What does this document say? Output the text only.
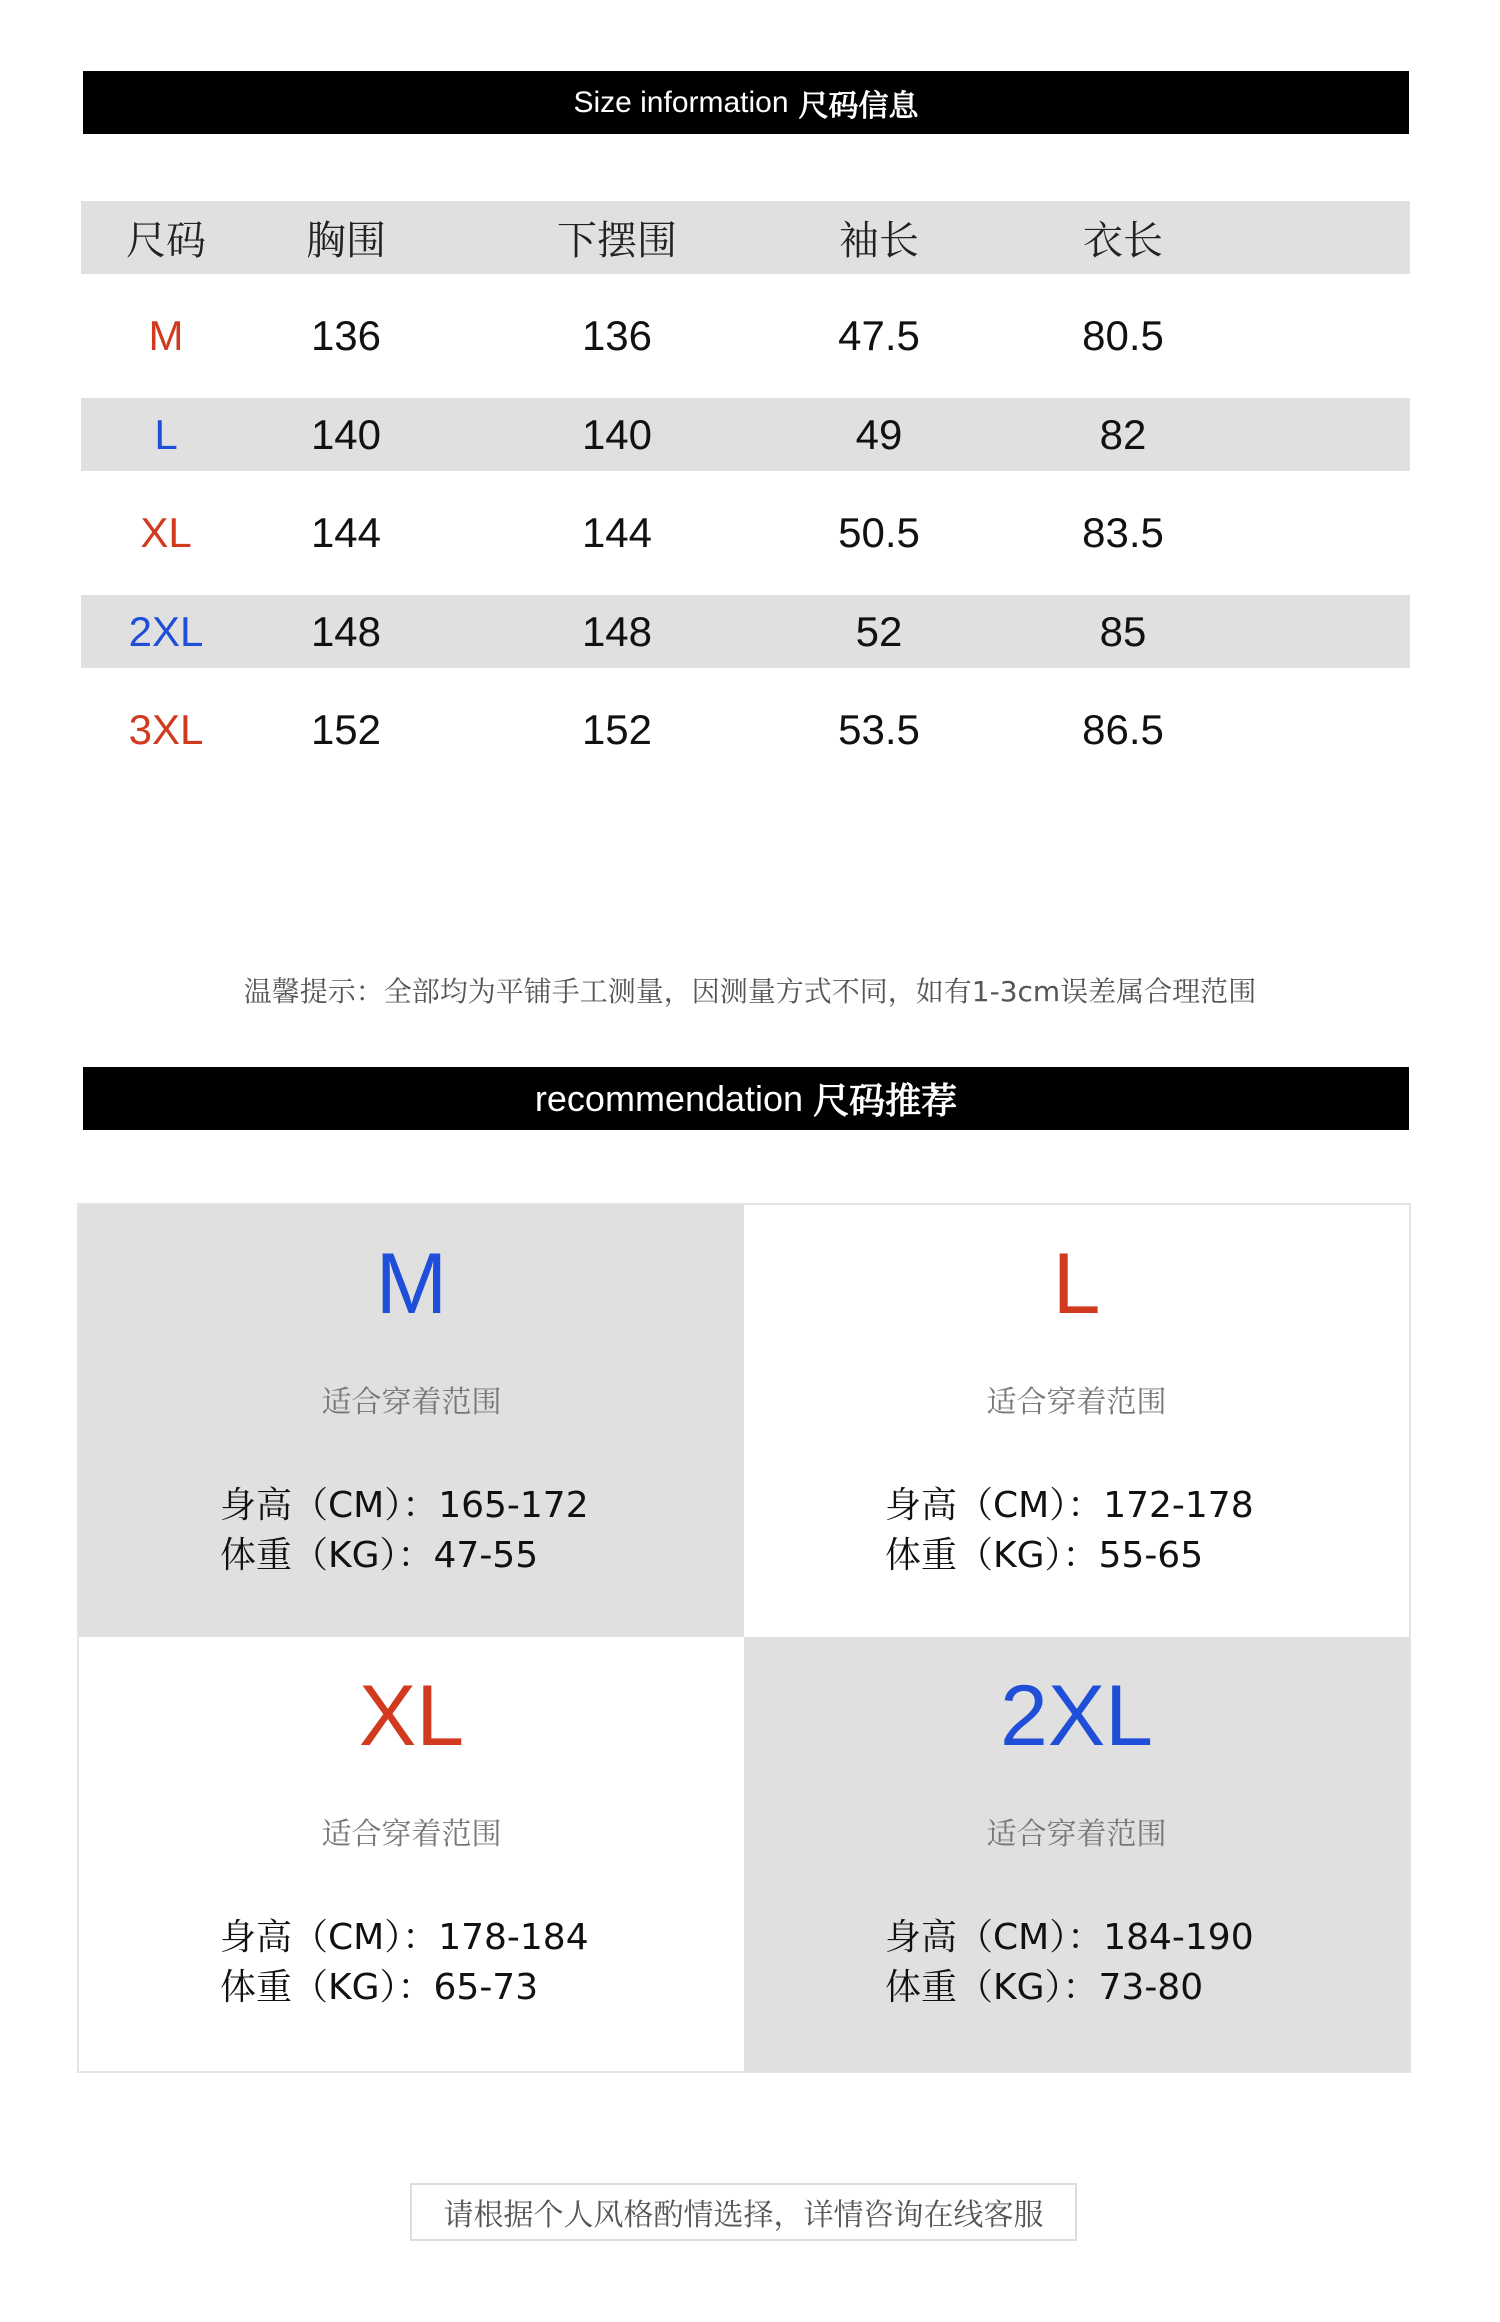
Size information 尺码信息
尺码	胸围	下摆围	袖长	衣长
M	136	136	47.5	80.5
L	140	140	49	82
XL	144	144	50.5	83.5
2XL	148	148	52	85
3XL	152	152	53.5	86.5
温馨提示：全部均为平铺手工测量，因测量方式不同，如有1-3cm误差属合理范围
recommendation 尺码推荐
M
适合穿着范围
身高（CM）：165-172
体重（KG）：47-55
L
适合穿着范围
身高（CM）：172-178
体重（KG）：55-65
XL
适合穿着范围
身高（CM）：178-184
体重（KG）：65-73
2XL
适合穿着范围
身高（CM）：184-190
体重（KG）：73-80
请根据个人风格酌情选择，详情咨询在线客服
